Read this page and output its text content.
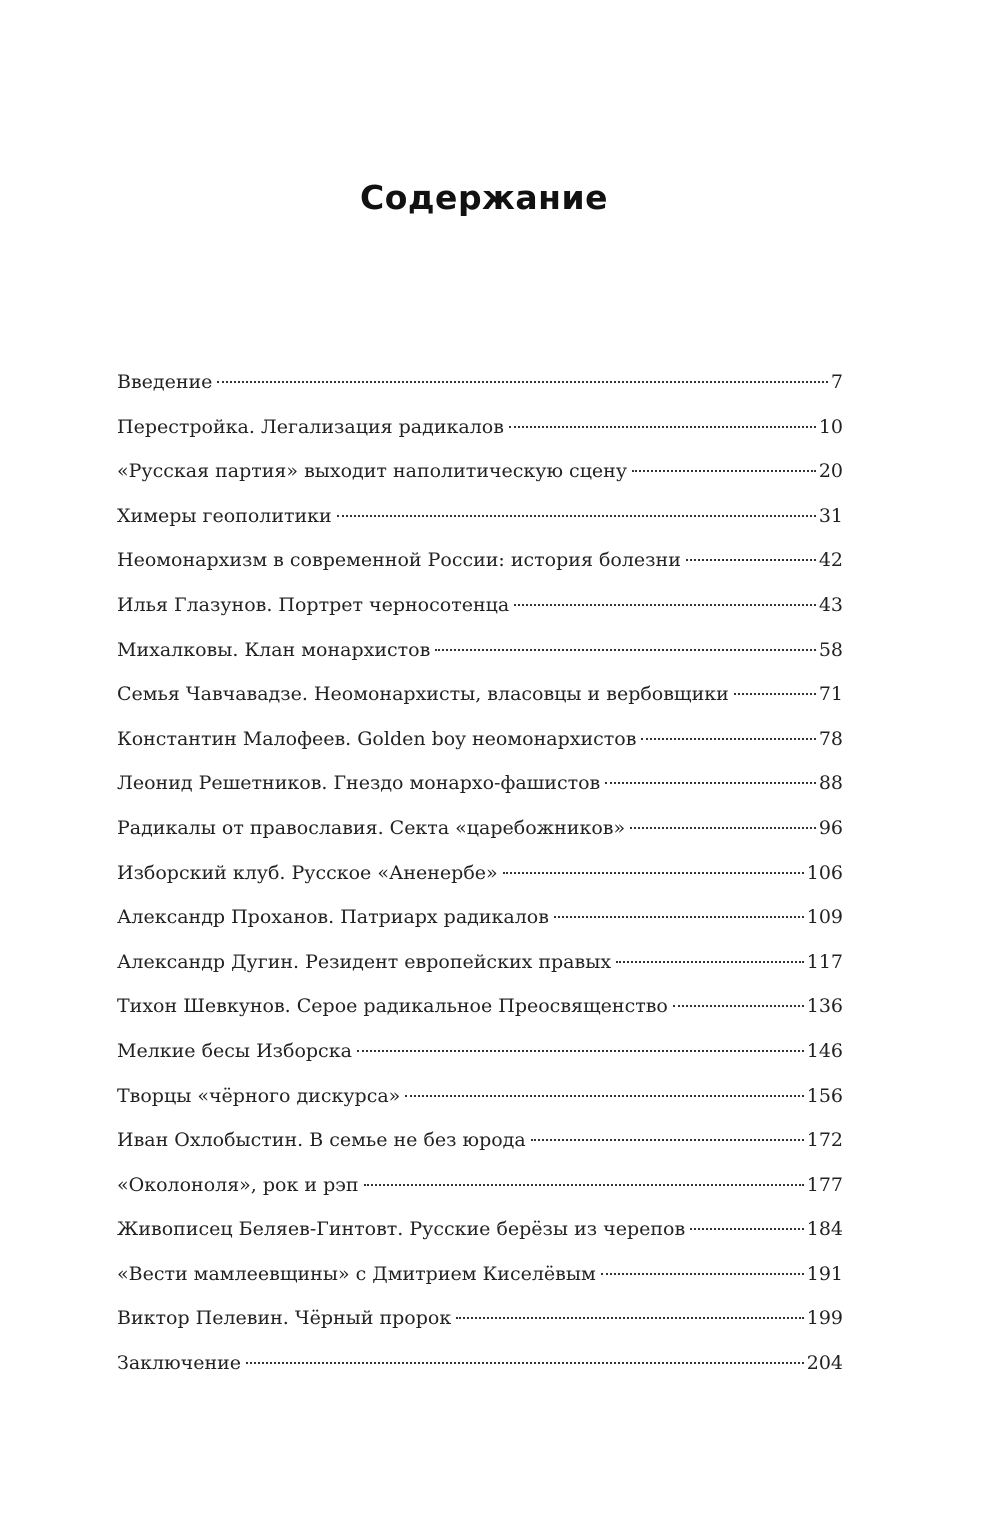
Содержание
Введение	7
Перестройка. Легализация радикалов	10
«Русская партия» выходит наполитическую сцену	20
Химеры геополитики	31
Неомонархизм в современной России: история болезни	42
Илья Глазунов. Портрет черносотенца	43
Михалковы. Клан монархистов	58
Семья Чавчавадзе. Неомонархисты, власовцы и вербовщики	71
Константин Малофеев. Golden boy неомонархистов	78
Леонид Решетников. Гнездо монархо-фашистов	88
Радикалы от православия. Секта «царебожников»	96
Изборский клуб. Русское «Аненербе»	106
Александр Проханов. Патриарх радикалов	109
Александр Дугин. Резидент европейских правых	117
Тихон Шевкунов. Серое радикальное Преосвященство	136
Мелкие бесы Изборска	146
Творцы «чёрного дискурса»	156
Иван Охлобыстин. В семье не без юрода	172
«Околоноля», рок и рэп	177
Живописец Беляев-Гинтовт. Русские берёзы из черепов	184
«Вести мамлеевщины» с Дмитрием Киселёвым	191
Виктор Пелевин. Чёрный пророк	199
Заключение	204
